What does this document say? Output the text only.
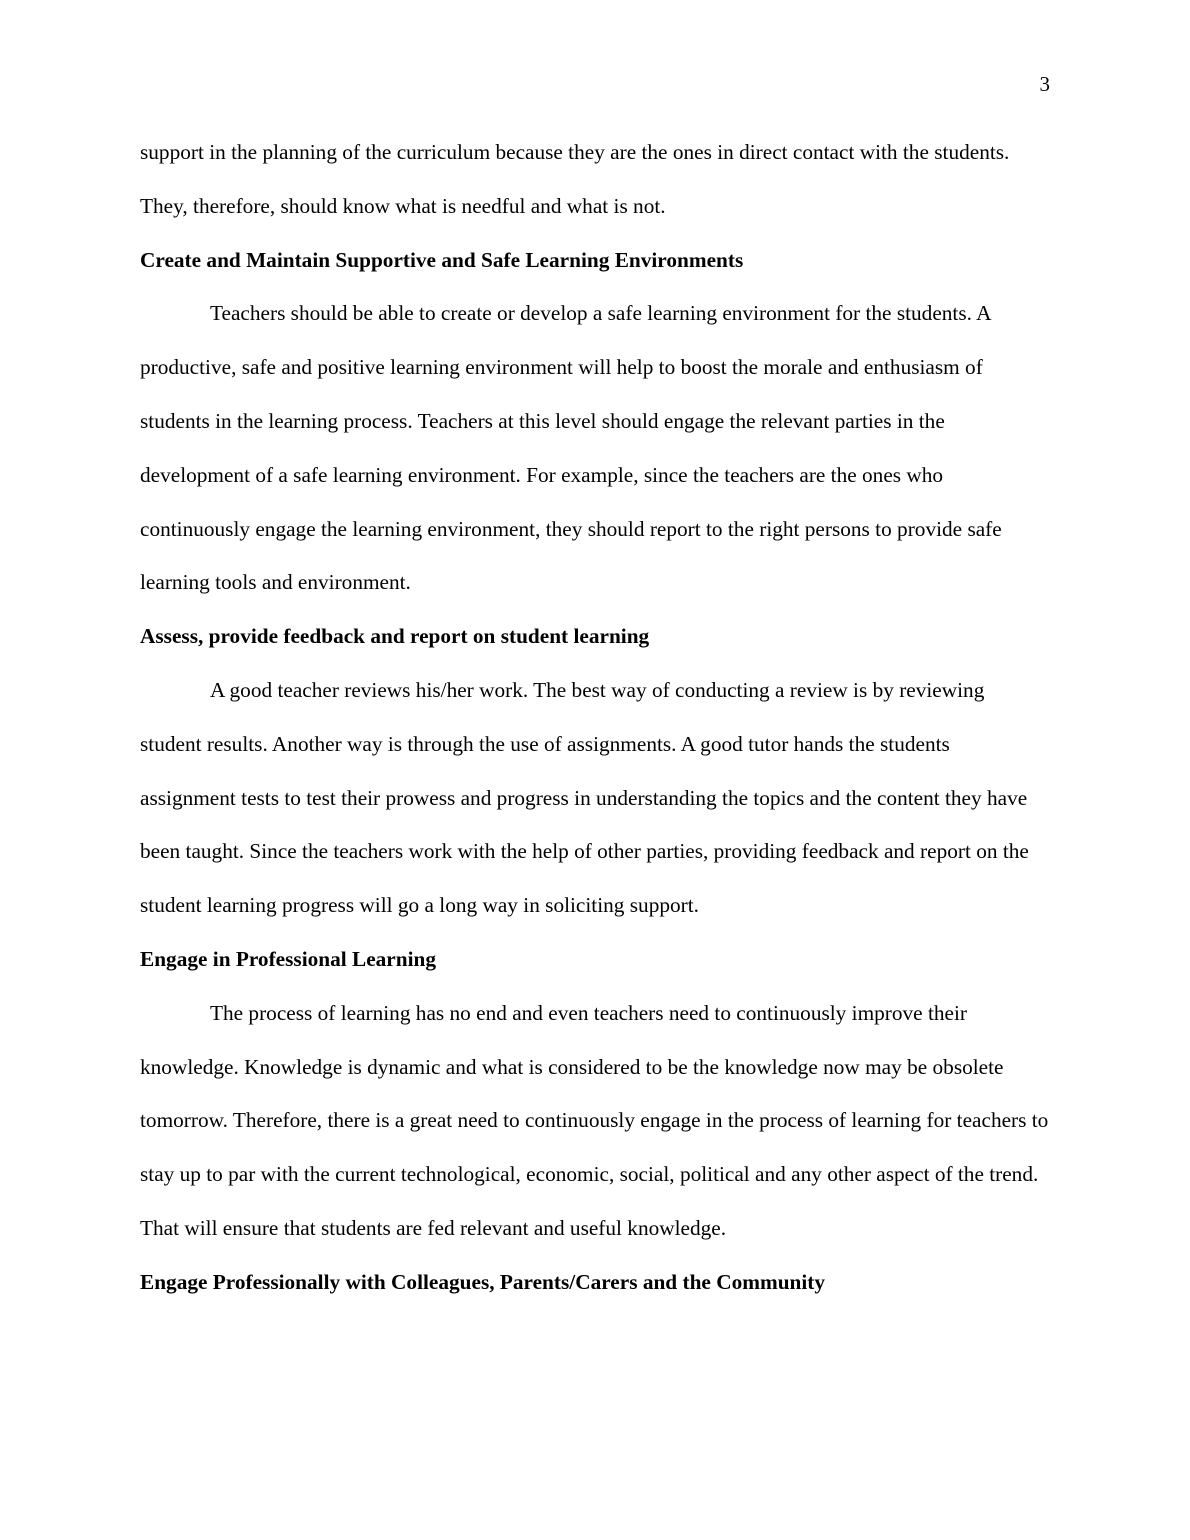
3

support in the planning of the curriculum because they are the ones in direct contact with the students. They, therefore, should know what is needful and what is not.

Create and Maintain Supportive and Safe Learning Environments

Teachers should be able to create or develop a safe learning environment for the students. A productive, safe and positive learning environment will help to boost the morale and enthusiasm of students in the learning process. Teachers at this level should engage the relevant parties in the development of a safe learning environment. For example, since the teachers are the ones who continuously engage the learning environment, they should report to the right persons to provide safe learning tools and environment.

Assess, provide feedback and report on student learning

A good teacher reviews his/her work. The best way of conducting a review is by reviewing student results. Another way is through the use of assignments. A good tutor hands the students assignment tests to test their prowess and progress in understanding the topics and the content they have been taught. Since the teachers work with the help of other parties, providing feedback and report on the student learning progress will go a long way in soliciting support.

Engage in Professional Learning

The process of learning has no end and even teachers need to continuously improve their knowledge. Knowledge is dynamic and what is considered to be the knowledge now may be obsolete tomorrow. Therefore, there is a great need to continuously engage in the process of learning for teachers to stay up to par with the current technological, economic, social, political and any other aspect of the trend. That will ensure that students are fed relevant and useful knowledge.

Engage Professionally with Colleagues, Parents/Carers and the Community
